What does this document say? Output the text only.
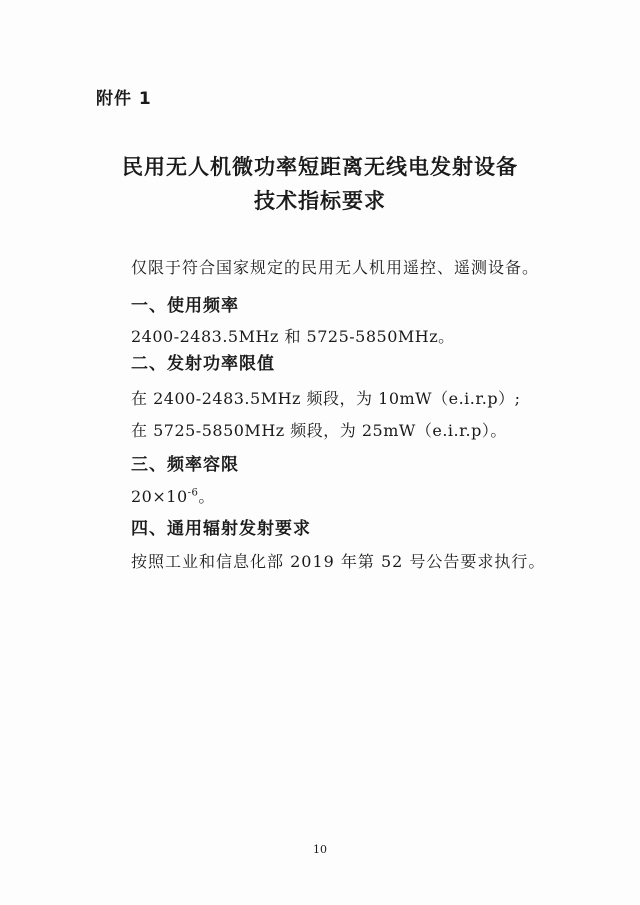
附件 1
民用无人机微功率短距离无线电发射设备
技术指标要求
仅限于符合国家规定的民用无人机用遥控、遥测设备。
一、使用频率
2400-2483.5MHz 和 5725-5850MHz。
二、发射功率限值
在 2400-2483.5MHz 频段，为 10mW（e.i.r.p）;
在 5725-5850MHz 频段，为 25mW（e.i.r.p）。
三、频率容限
$20\times 10^{-6}$。
四、通用辐射发射要求
按照工业和信息化部 2019 年第 52 号公告要求执行。
10
